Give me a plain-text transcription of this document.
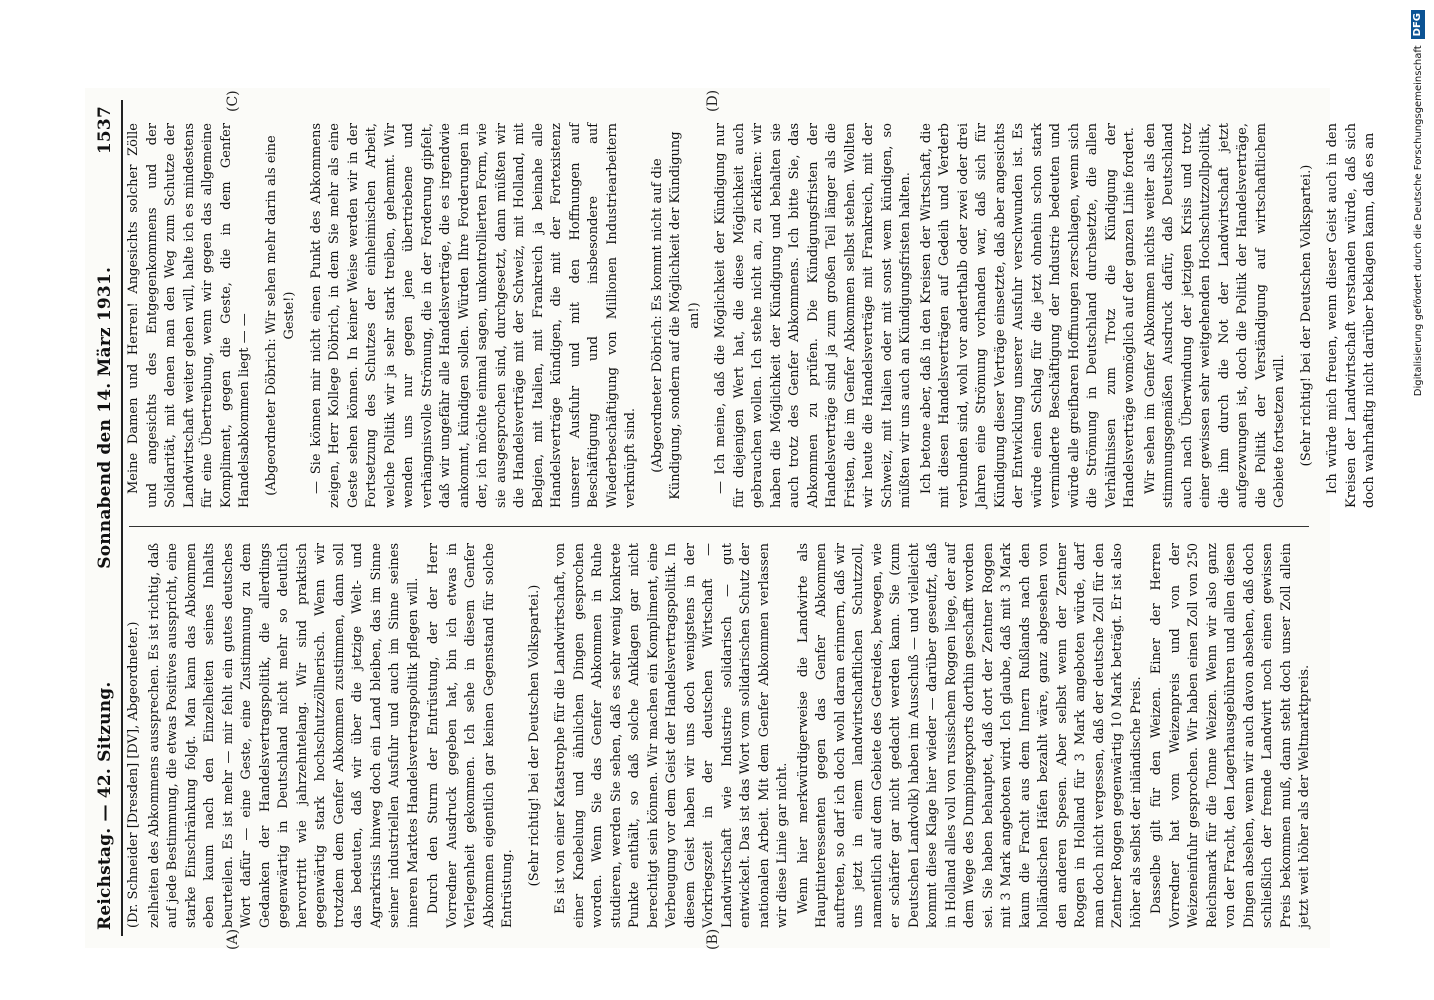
Reichstag. — 42. Sitzung.
Sonnabend den 14. März 1931.
1537

(Dr. Schneider [Dresden] [DV], Abgeordneter.) zelheiten des Abkommens aussprechen. Es ist richtig, daß auf jede Bestimmung, die etwas Positives ausspricht, eine starke Einschränkung folgt. Man kann das Abkommen eben kaum nach den Einzelheiten seines Inhalts beurteilen. Es ist mehr — mir fehlt ein gutes deutsches Wort dafür — eine Geste, eine Zustimmung zu dem Gedanken der Handelsvertragspolitik, die allerdings gegenwärtig in Deutschland nicht mehr so deutlich hervortritt wie jahrzehntelang. Wir sind praktisch gegenwärtig stark hochschutzzöllnerisch. Wenn wir trotzdem dem Genfer Abkommen zustimmen, dann soll das bedeuten, daß wir über die jetzige Welt- und Agrarkrisis hinweg doch ein Land bleiben, das im Sinne seiner industriellen Ausfuhr und auch im Sinne seines inneren Marktes Handelsvertragspolitik pflegen will. Durch den Sturm der Entrüstung, der der Herr Vorredner Ausdruck gegeben hat, bin ich etwas in Verlegenheit gekommen. Ich sehe in diesem Genfer Abkommen eigentlich gar keinen Gegenstand für solche Entrüstung.

(Sehr richtig! bei der Deutschen Volkspartei.) Es ist von einer Katastrophe für die Landwirtschaft, von einer Knebelung und ähnlichen Dingen gesprochen worden. Wenn Sie das Genfer Abkommen in Ruhe studieren, werden Sie sehen, daß es sehr wenig konkrete Punkte enthält, so daß solche Anklagen gar nicht berechtigt sein können. Wir machen ein Kompliment, eine Verbeugung vor dem Geist der Handelsvertragspolitik. In diesem Geist haben wir uns doch wenigstens in der Vorkriegszeit in der deutschen Wirtschaft — Landwirtschaft wie Industrie solidarisch — gut entwickelt. Das ist das Wort vom solidarischen Schutz der nationalen Arbeit. Mit dem Genfer Abkommen verlassen wir diese Linie gar nicht. Wenn hier merkwürdigerweise die Landwirte als Hauptinteressenten gegen das Genfer Abkommen auftreten, so darf ich doch wohl daran erinnern, daß wir uns jetzt in einem landwirtschaftlichen Schutzzoll, namentlich auf dem Gebiete des Getreides, bewegen, wie er schärfer gar nicht gedacht werden kann. Sie (zum Deutschen Landvolk) haben im Ausschuß — und vielleicht kommt diese Klage hier wieder — darüber geseufzt, daß in Holland alles voll von russischem Roggen liege, der auf dem Wege des Dumpingexports dorthin geschafft worden sei. Sie haben behauptet, daß dort der Zentner Roggen mit 3 Mark angeboten wird. Ich glaube, daß mit 3 Mark kaum die Fracht aus dem Innern Rußlands nach den holländischen Häfen bezahlt wäre, ganz abgesehen von den anderen Spesen. Aber selbst wenn der Zentner Roggen in Holland für 3 Mark angeboten würde, darf man doch nicht vergessen, daß der deutsche Zoll für den Zentner Roggen gegenwärtig 10 Mark beträgt. Er ist also höher als selbst der inländische Preis. Dasselbe gilt für den Weizen. Einer der Herren Vorredner hat vom Weizenpreis und von der Weizeneinfuhr gesprochen. Wir haben einen Zoll von 250 Reichsmark für die Tonne Weizen. Wenn wir also ganz von der Fracht, den Lagerhausgebühren und allen diesen Dingen absehen, wenn wir auch davon absehen, daß doch schließlich der fremde Landwirt noch einen gewissen Preis bekommen muß, dann steht doch unser Zoll allein jetzt weit höher als der Weltmarktpreis.

Meine Damen und Herren! Angesichts solcher Zölle und angesichts des Entgegenkommens und der Solidarität, mit denen man den Weg zum Schutze der Landwirtschaft weiter gehen will, halte ich es mindestens für eine Übertreibung, wenn wir gegen das allgemeine Kompliment, gegen die Geste, die in dem Genfer Handelsabkommen liegt — — (Abgeordneter Döbrich: Wir sehen mehr darin als eine Geste!) — Sie können mir nicht einen Punkt des Abkommens zeigen, Herr Kollege Döbrich, in dem Sie mehr als eine Geste sehen können. In keiner Weise werden wir in der Fortsetzung des Schutzes der einheimischen Arbeit, welche Politik wir ja sehr stark treiben, gehemmt. Wir wenden uns nur gegen jene übertriebene und verhängnisvolle Strömung, die in der Forderung gipfelt, daß wir ungefähr alle Handelsverträge, die es irgendwie ankommt, kündigen sollen. Würden Ihre Forderungen in der, ich möchte einmal sagen, unkontrollierten Form, wie sie ausgesprochen sind, durchgesetzt, dann müßten wir die Handelsverträge mit der Schweiz, mit Holland, mit Belgien, mit Italien, mit Frankreich ja beinahe alle Handelsverträge kündigen, die mit der Fortexistenz unserer Ausfuhr und mit den Hoffnungen auf Beschäftigung und insbesondere auf Wiederbeschäftigung von Millionen Industriearbeitern verknüpft sind. (Abgeordneter Döbrich: Es kommt nicht auf die Kündigung, sondern auf die Möglichkeit der Kündigung an!) — Ich meine, daß die Möglichkeit der Kündigung nur für diejenigen Wert hat, die diese Möglichkeit auch gebrauchen wollen. Ich stehe nicht an, zu erklären: wir haben die Möglichkeit der Kündigung und behalten sie auch trotz des Genfer Abkommens. Ich bitte Sie, das Abkommen zu prüfen. Die Kündigungsfristen der Handelsverträge sind ja zum großen Teil länger als die Fristen, die im Genfer Abkommen selbst stehen. Wollten wir heute die Handelsverträge mit Frankreich, mit der Schweiz, mit Italien oder mit sonst wem kündigen, so müßten wir uns auch an Kündigungsfristen halten. Ich betone aber, daß in den Kreisen der Wirtschaft, die mit diesen Handelsverträgen auf Gedeih und Verderb verbunden sind, wohl vor anderthalb oder zwei oder drei Jahren eine Strömung vorhanden war, daß sich für Kündigung dieser Verträge einsetzte, daß aber angesichts der Entwicklung unserer Ausfuhr verschwunden ist. Es würde einen Schlag für die jetzt ohnehin schon stark verminderte Beschäftigung der Industrie bedeuten und würde alle greifbaren Hoffnungen zerschlagen, wenn sich die Strömung in Deutschland durchsetzte, die allen Verhältnissen zum Trotz die Kündigung der Handelsverträge womöglich auf der ganzen Linie fordert. Wir sehen im Genfer Abkommen nichts weiter als den stimmungsgemäßen Ausdruck dafür, daß Deutschland auch nach Überwindung der jetzigen Krisis und trotz einer gewissen sehr weitgehenden Hochschutzzollpolitik, die ihm durch die Not der Landwirtschaft jetzt aufgezwungen ist, doch die Politik der Handelsverträge, die Politik der Verständigung auf wirtschaftlichem Gebiete fortsetzen will. (Sehr richtig! bei der Deutschen Volkspartei.) Ich würde mich freuen, wenn dieser Geist auch in den Kreisen der Landwirtschaft verstanden würde, daß sich doch wahrhaftig nicht darüber beklagen kann, daß es an

(A)	(B)
(C)	(D)	Digitalisierung gefördert durch die Deutsche Forschungsgemeinschaft
DFG
